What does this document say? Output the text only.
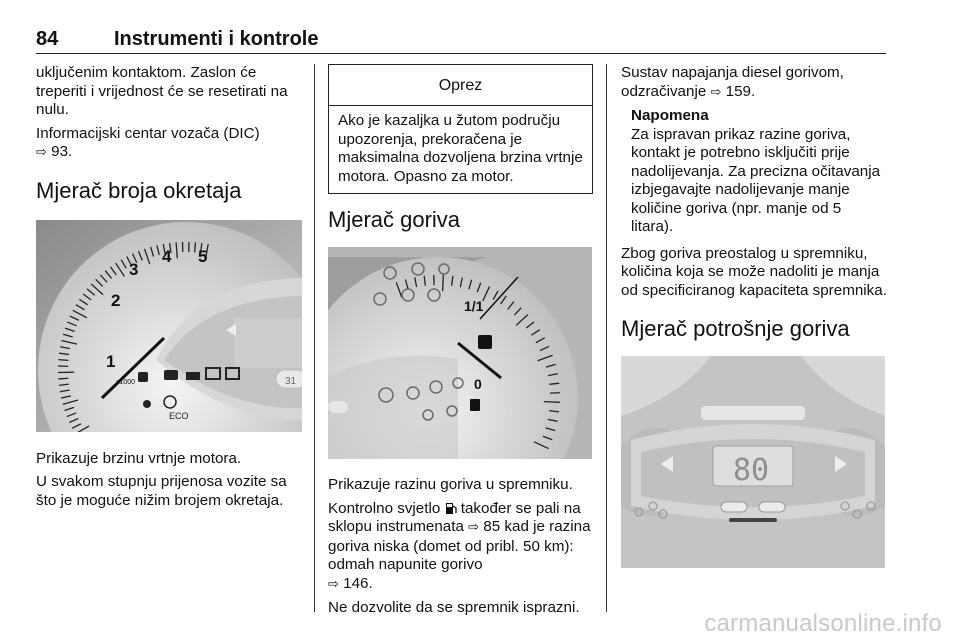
84	Instrumenti i kontrole

uključenim kontaktom. Zaslon će treperiti i vrijednost će se resetirati na nulu.

Informacijski centar vozača (DIC)
⇨ 93.

Mjerač broja okretaja
1
2
3
4 5
x1000
ECO
31

Prikazuje brzinu vrtnje motora.

U svakom stupnju prijenosa vozite sa što je moguće nižim brojem okretaja.

Oprez
Ako je kazaljka u žutom području upozorenja, prekoračena je maksimalna dozvoljena brzina vrtnje motora. Opasno za motor.
Mjerač goriva
1/1
0

Prikazuje razinu goriva u spremniku.

Kontrolno svjetlo također se pali na sklopu instrumenata ⇨ 85 kad je razina goriva niska (domet od pribl. 50 km): odmah napunite gorivo
⇨ 146.

Ne dozvolite da se spremnik isprazni.

Sustav napajanja diesel gorivom, odzračivanje ⇨ 159.

Napomena
Za ispravan prikaz razine goriva, kontakt je potrebno isključiti prije nadolijevanja. Za precizna očitavanja izbjegavajte nadolijevanje manje količine goriva (npr. manje od 5 litara).

Zbog goriva preostalog u spremniku, količina koja se može nadoliti je manja od specificiranog kapaciteta spremnika.

Mjerač potrošnje goriva
80
carmanualsonline.info
